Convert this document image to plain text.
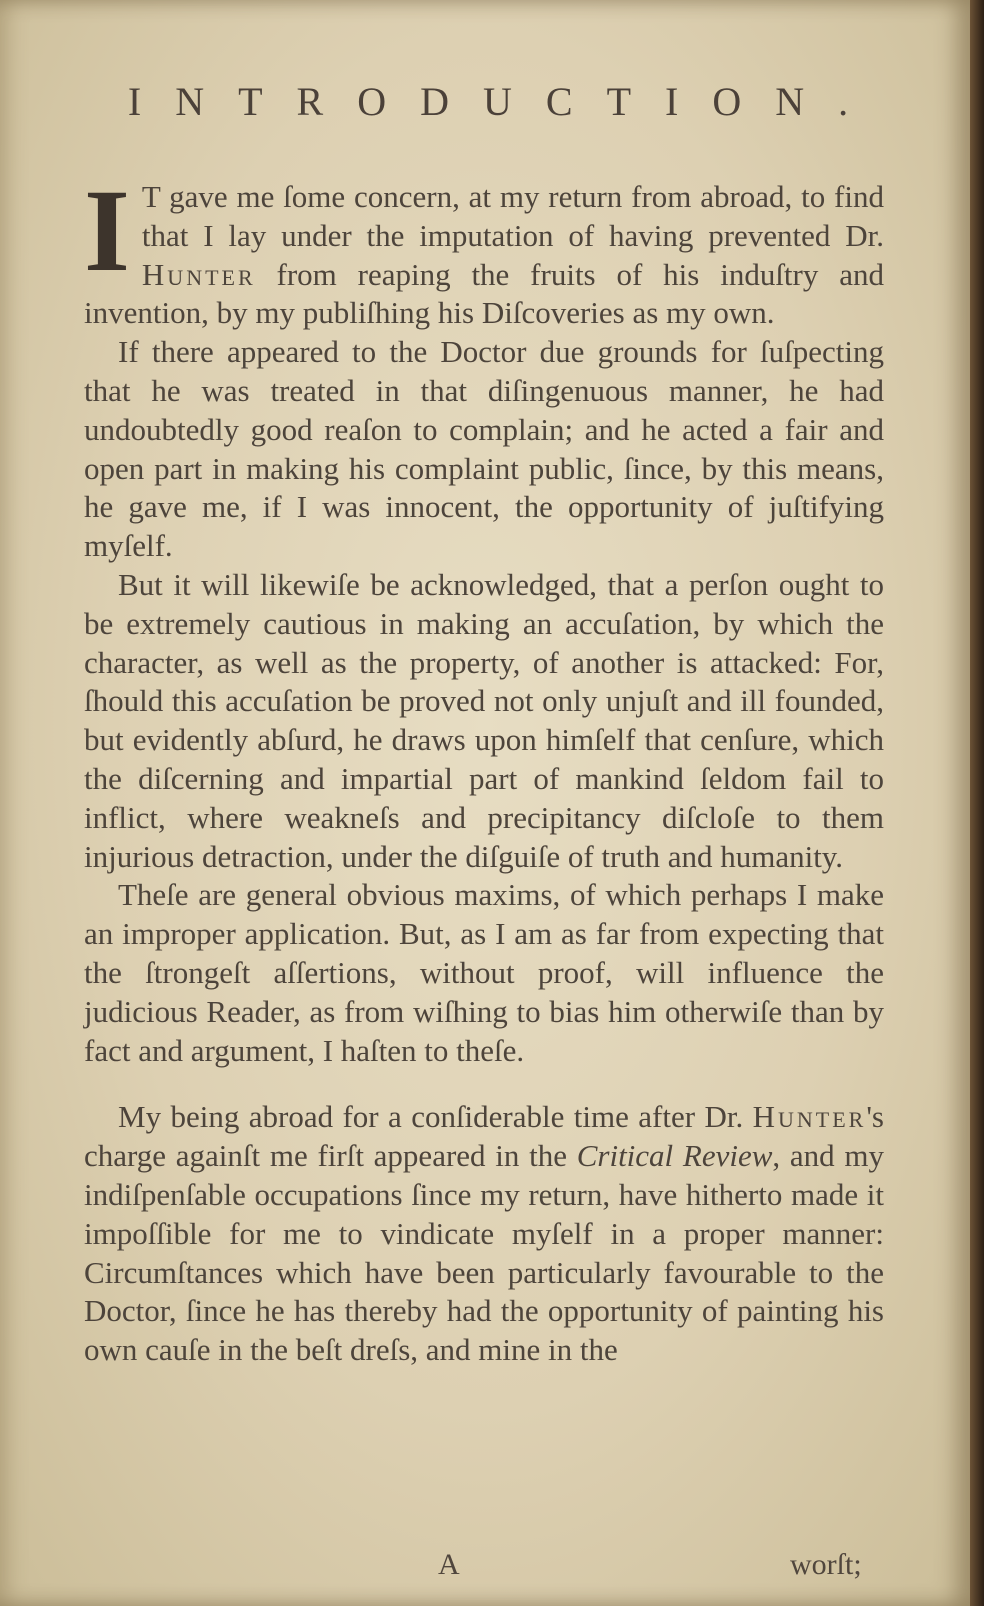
INTRODUCTION.

I T gave me ſome concern, at my return from abroad, to find that I lay under the imputation of having prevented Dr. Hunter from reaping the fruits of his induſtry and invention, by my publiſhing his Diſcoveries as my own.

If there appeared to the Doctor due grounds for ſuſpecting that he was treated in that diſingenuous manner, he had undoubtedly good reaſon to complain; and he acted a fair and open part in making his complaint public, ſince, by this means, he gave me, if I was innocent, the opportunity of juſtifying myſelf.

But it will likewiſe be acknowledged, that a perſon ought to be extremely cautious in making an accuſation, by which the character, as well as the property, of another is attacked: For, ſhould this accuſation be proved not only unjuſt and ill founded, but evidently abſurd, he draws upon himſelf that cenſure, which the diſcerning and impartial part of mankind ſeldom fail to inflict, where weakneſs and precipitancy diſcloſe to them injurious detraction, under the diſguiſe of truth and humanity.

Theſe are general obvious maxims, of which perhaps I make an improper application. But, as I am as far from expecting that the ſtrongeſt aſſertions, without proof, will influence the judicious Reader, as from wiſhing to bias him otherwiſe than by fact and argument, I haſten to theſe.

My being abroad for a conſiderable time after Dr. Hunter's charge againſt me firſt appeared in the Critical Review, and my indiſpenſable occupations ſince my return, have hitherto made it impoſſible for me to vindicate myſelf in a proper manner: Circumſtances which have been particularly favourable to the Doctor, ſince he has thereby had the opportunity of painting his own cauſe in the beſt dreſs, and mine in the

A	worſt;
